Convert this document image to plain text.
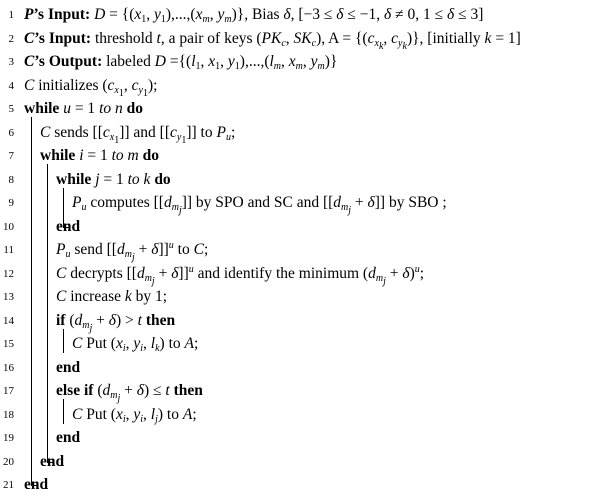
1 P’s Input: $D = \{(x_1$, $y_1),...,(x_m$, $y_m$)}, Bias δ, [−3 ≤ δ ≤ −1, δ ≠ 0, 1 ≤ δ ≤ 3]
2 C’s Input: threshold t, a pair of keys ($PK_c$, $SK_c$), $A = \{(c_{x_k}$, $c_{y_k}$)}, [initially k = 1]
3 C’s Output: labeled $D =\{(l_1$, $x_1$, $y_1),...,(l_m$, $x_m$, $y_m$)}
4 C initializes ($c_{x_1}$, $c_{y_1}$);
5 while u = 1 to n do
6 C sends $[[c_{x_1}]]$ and $[[c_{y_1}]]$ to $P_u$;
7 while i = 1 to m do
8	while j = 1 to k do
9	$P_u$ computes $[[d_{m_j}]]$ by SPO and SC and $[[d_{m_j} + \delta]]$ by SBO ;
10	end
11	$P_u$ send $[[d_{m_j} + \delta]]^u$ to C;
12	C decrypts $[[d_{m_j} + \delta]]^u$ and identify the minimum $(d_{m_j} + \delta)^u$;
13	C increase k by 1;
14	if $(d_{m_j} + \delta) > t$ then
15	C Put ($x_i$, $y_i$, $l_k$) to A;
16	end
17	else if $(d_{m_j} + \delta) \le t$ then
18	C Put ($x_i$, $y_i$, $l_j$) to A;
19	end
20 end
21 end
